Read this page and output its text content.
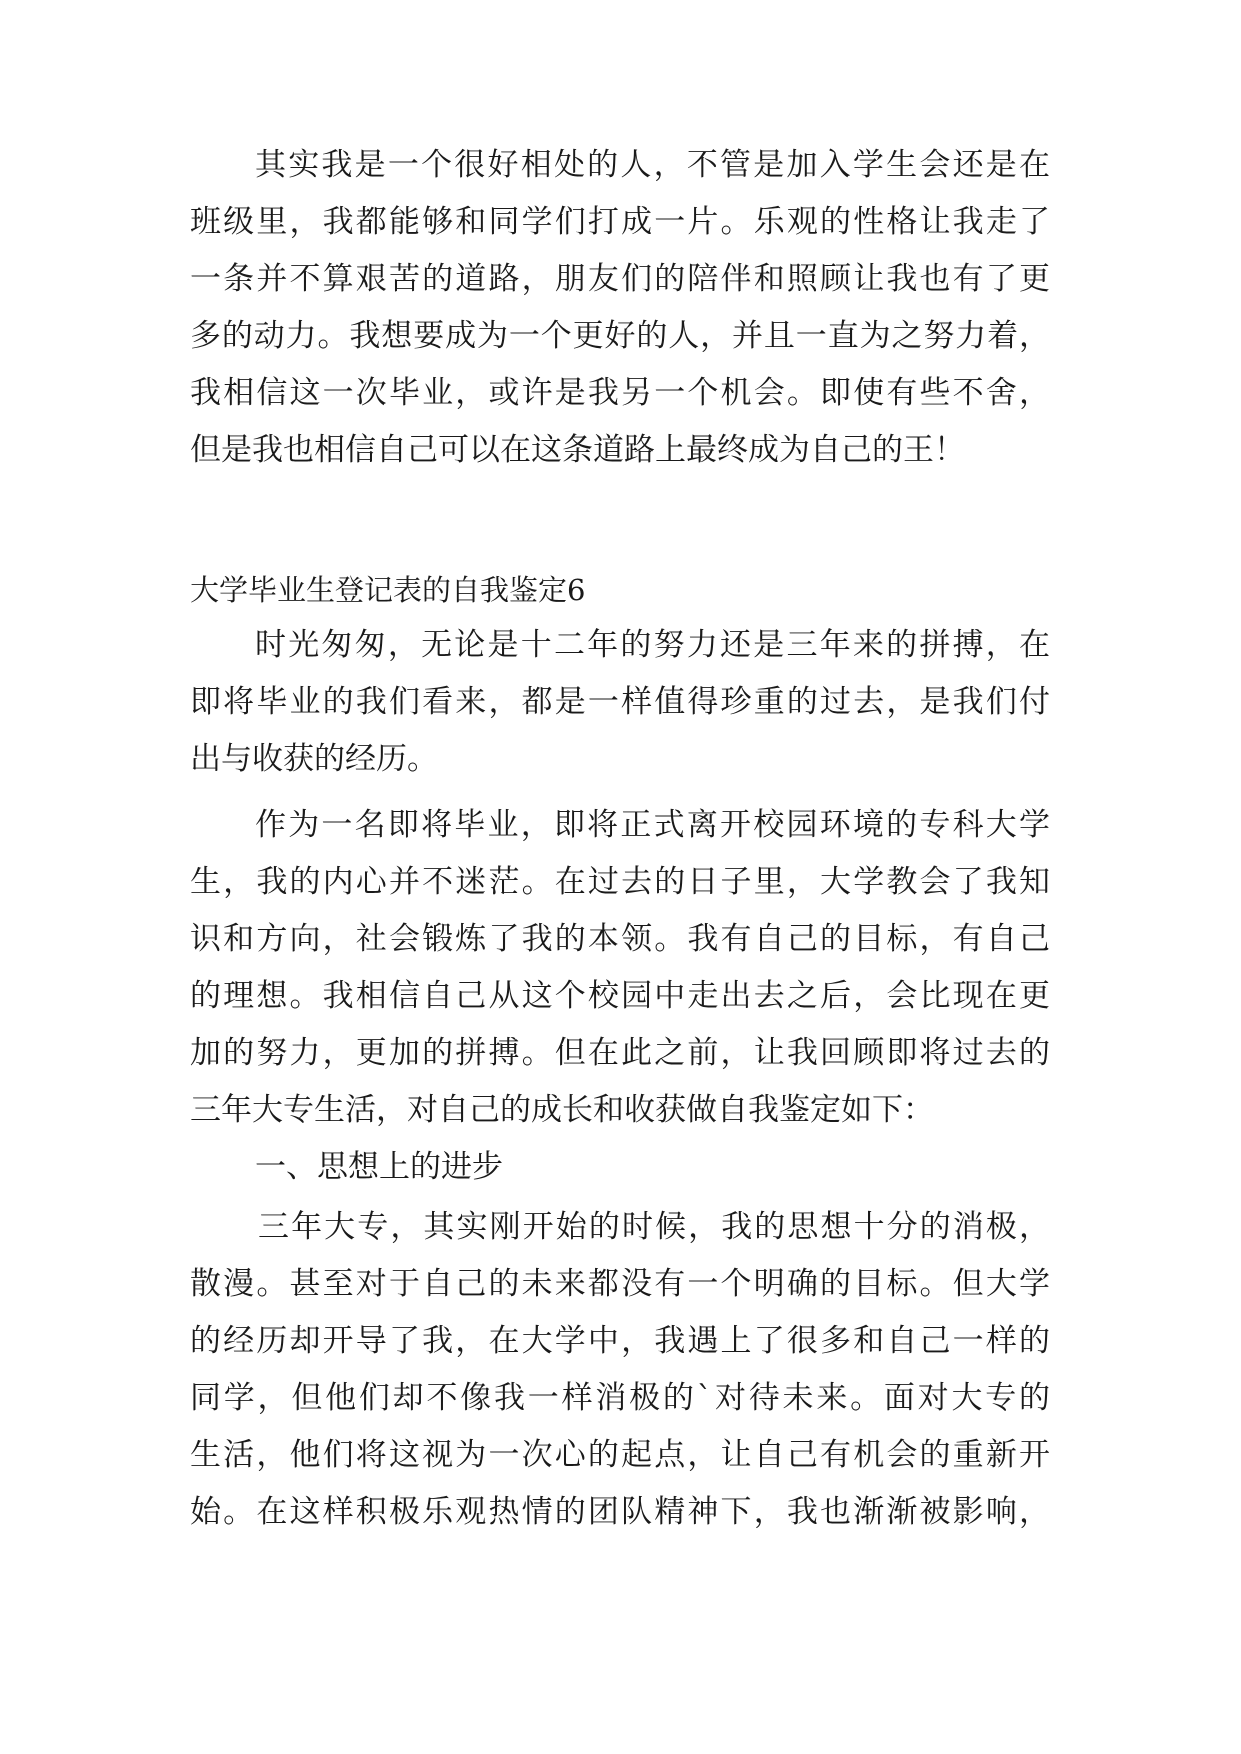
其实我是一个很好相处的人，不管是加入学生会还是在
班级里，我都能够和同学们打成一片。乐观的性格让我走了
一条并不算艰苦的道路，朋友们的陪伴和照顾让我也有了更
多的动力。我想要成为一个更好的人，并且一直为之努力着，
我相信这一次毕业，或许是我另一个机会。即使有些不舍，
但是我也相信自己可以在这条道路上最终成为自己的王！
大学毕业生登记表的自我鉴定6
时光匆匆，无论是十二年的努力还是三年来的拼搏，在
即将毕业的我们看来，都是一样值得珍重的过去，是我们付
出与收获的经历。
作为一名即将毕业，即将正式离开校园环境的专科大学
生，我的内心并不迷茫。在过去的日子里，大学教会了我知
识和方向，社会锻炼了我的本领。我有自己的目标，有自己
的理想。我相信自己从这个校园中走出去之后，会比现在更
加的努力，更加的拼搏。但在此之前，让我回顾即将过去的
三年大专生活，对自己的成长和收获做自我鉴定如下：
一、思想上的进步
三年大专，其实刚开始的时候，我的思想十分的消极，
散漫。甚至对于自己的未来都没有一个明确的目标。但大学
的经历却开导了我，在大学中，我遇上了很多和自己一样的
同学，但他们却不像我一样消极的`对待未来。面对大专的
生活，他们将这视为一次心的起点，让自己有机会的重新开
始。在这样积极乐观热情的团队精神下，我也渐渐被影响，
